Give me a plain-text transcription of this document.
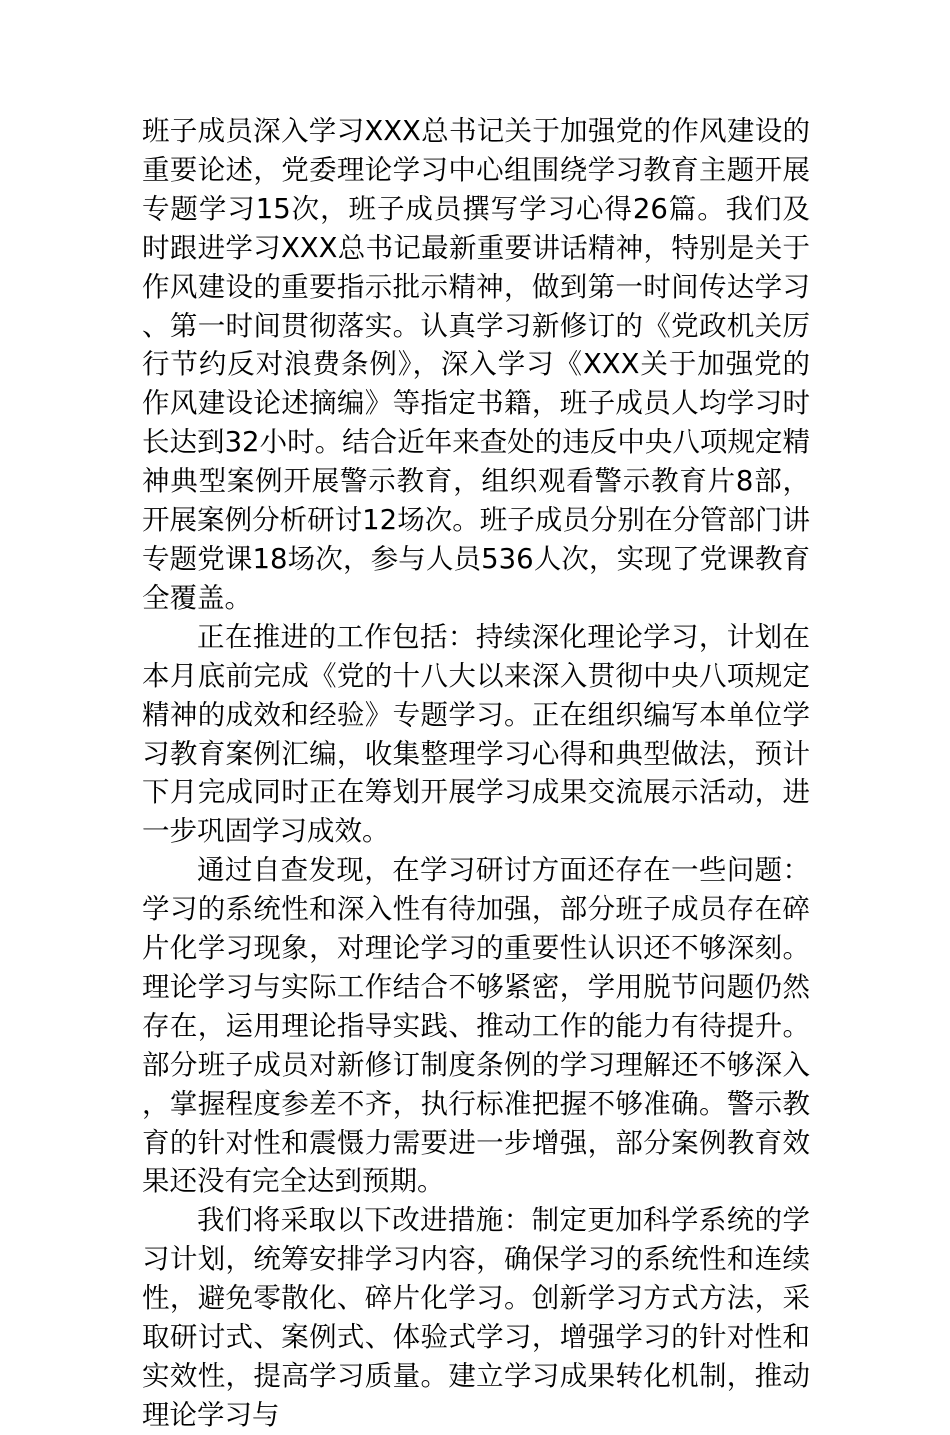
班子成员深入学习XXX总书记关于加强党的作风建设的重要论述，党委理论学习中心组围绕学习教育主题开展专题学习15次，班子成员撰写学习心得26篇。我们及时跟进学习XXX总书记最新重要讲话精神，特别是关于作风建设的重要指示批示精神，做到第一时间传达学习、第一时间贯彻落实。认真学习新修订的《党政机关厉行节约反对浪费条例》，深入学习《XXX关于加强党的作风建设论述摘编》等指定书籍，班子成员人均学习时长达到32小时。结合近年来查处的违反中央八项规定精神典型案例开展警示教育，组织观看警示教育片8部，开展案例分析研讨12场次。班子成员分别在分管部门讲专题党课18场次，参与人员536人次，实现了党课教育全覆盖。

正在推进的工作包括：持续深化理论学习，计划在本月底前完成《党的十八大以来深入贯彻中央八项规定精神的成效和经验》专题学习。正在组织编写本单位学习教育案例汇编，收集整理学习心得和典型做法，预计下月完成同时正在筹划开展学习成果交流展示活动，进一步巩固学习成效。

通过自查发现，在学习研讨方面还存在一些问题：学习的系统性和深入性有待加强，部分班子成员存在碎片化学习现象，对理论学习的重要性认识还不够深刻。理论学习与实际工作结合不够紧密，学用脱节问题仍然存在，运用理论指导实践、推动工作的能力有待提升。部分班子成员对新修订制度条例的学习理解还不够深入，掌握程度参差不齐，执行标准把握不够准确。警示教育的针对性和震慑力需要进一步增强，部分案例教育效果还没有完全达到预期。

我们将采取以下改进措施：制定更加科学系统的学习计划，统筹安排学习内容，确保学习的系统性和连续性，避免零散化、碎片化学习。创新学习方式方法，采取研讨式、案例式、体验式学习，增强学习的针对性和实效性，提高学习质量。建立学习成果转化机制，推动理论学习与
